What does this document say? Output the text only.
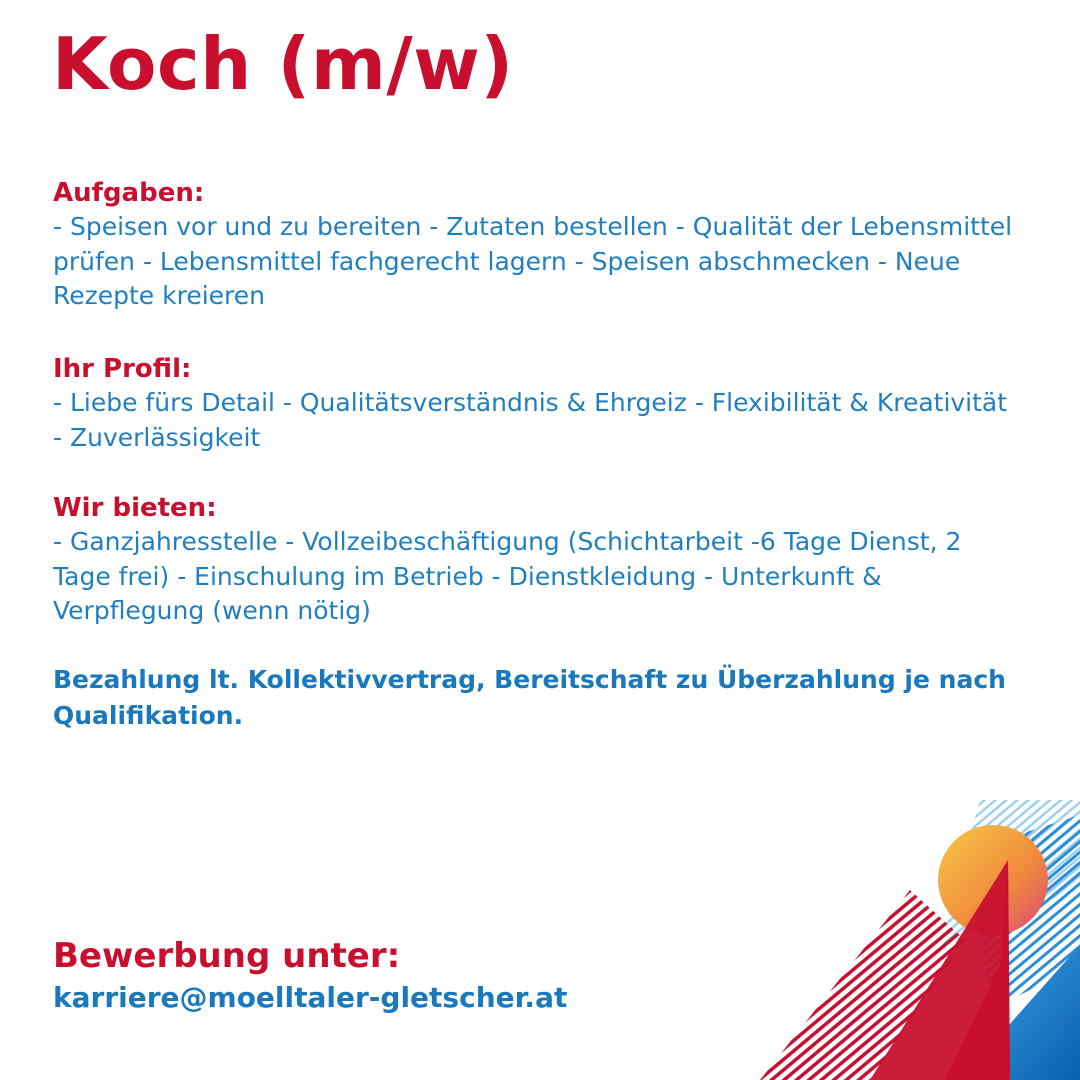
Koch (m/w)
Aufgaben:
- Speisen vor und zu bereiten - Zutaten bestellen - Qualität der Lebensmittel prüfen - Lebensmittel fachgerecht lagern - Speisen abschmecken - Neue Rezepte kreieren
Ihr Profil:
- Liebe fürs Detail - Qualitätsverständnis & Ehrgeiz - Flexibilität & Kreativität - Zuverlässigkeit
Wir bieten:
- Ganzjahresstelle - Vollzeibeschäftigung (Schichtarbeit -6 Tage Dienst, 2 Tage frei) - Einschulung im Betrieb - Dienstkleidung - Unterkunft & Verpflegung (wenn nötig)
Bezahlung lt. Kollektivvertrag, Bereitschaft zu Überzahlung je nach Qualifikation.
Bewerbung unter:
karriere@moelltaler-gletscher.at
